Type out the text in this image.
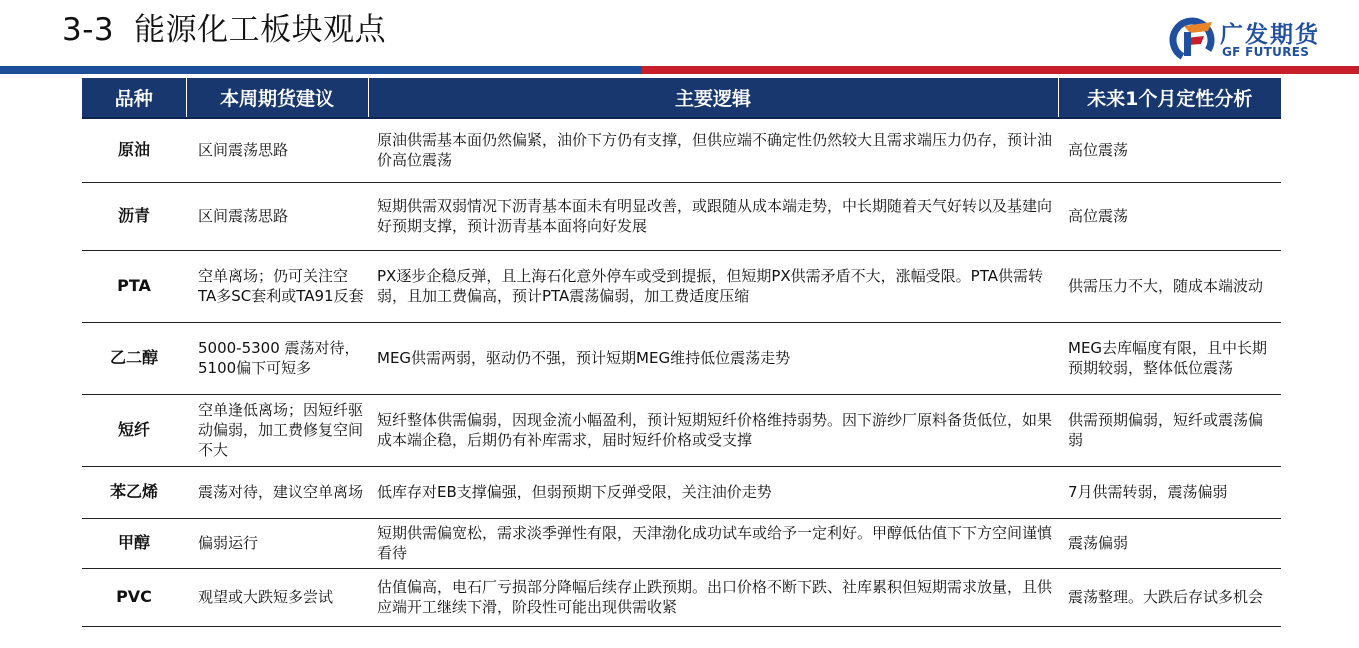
3-3 能源化工板块观点	广发期货
GF FUTURES
品种	本周期货建议	主要逻辑	未来1个月定性分析
原油	区间震荡思路	原油供需基本面仍然偏紧，油价下方仍有支撑，但供应端不确定性仍然较大且需求端压力仍存，预计油价高位震荡	高位震荡
沥青	区间震荡思路	短期供需双弱情况下沥青基本面未有明显改善，或跟随从成本端走势，中长期随着天气好转以及基建向好预期支撑，预计沥青基本面将向好发展	高位震荡
PTA	空单离场；仍可关注空TA多SC套利或TA91反套	PX逐步企稳反弹，且上海石化意外停车或受到提振，但短期PX供需矛盾不大，涨幅受限。PTA供需转弱，且加工费偏高，预计PTA震荡偏弱，加工费适度压缩	供需压力不大，随成本端波动
乙二醇	5000-5300 震荡对待，5100偏下可短多	MEG供需两弱，驱动仍不强，预计短期MEG维持低位震荡走势	MEG去库幅度有限，且中长期预期较弱，整体低位震荡
短纤	空单逢低离场；因短纤驱动偏弱，加工费修复空间不大	短纤整体供需偏弱，因现金流小幅盈利，预计短期短纤价格维持弱势。因下游纱厂原料备货低位，如果成本端企稳，后期仍有补库需求，届时短纤价格或受支撑	供需预期偏弱，短纤或震荡偏弱
苯乙烯	震荡对待，建议空单离场	低库存对EB支撑偏强，但弱预期下反弹受限，关注油价走势	7月供需转弱，震荡偏弱
甲醇	偏弱运行	短期供需偏宽松，需求淡季弹性有限，天津渤化成功试车或给予一定利好。甲醇低估值下下方空间谨慎看待	震荡偏弱
PVC	观望或大跌短多尝试	估值偏高，电石厂亏损部分降幅后续存止跌预期。出口价格不断下跌、社库累积但短期需求放量，且供应端开工继续下滑，阶段性可能出现供需收紧	震荡整理。大跌后存试多机会
